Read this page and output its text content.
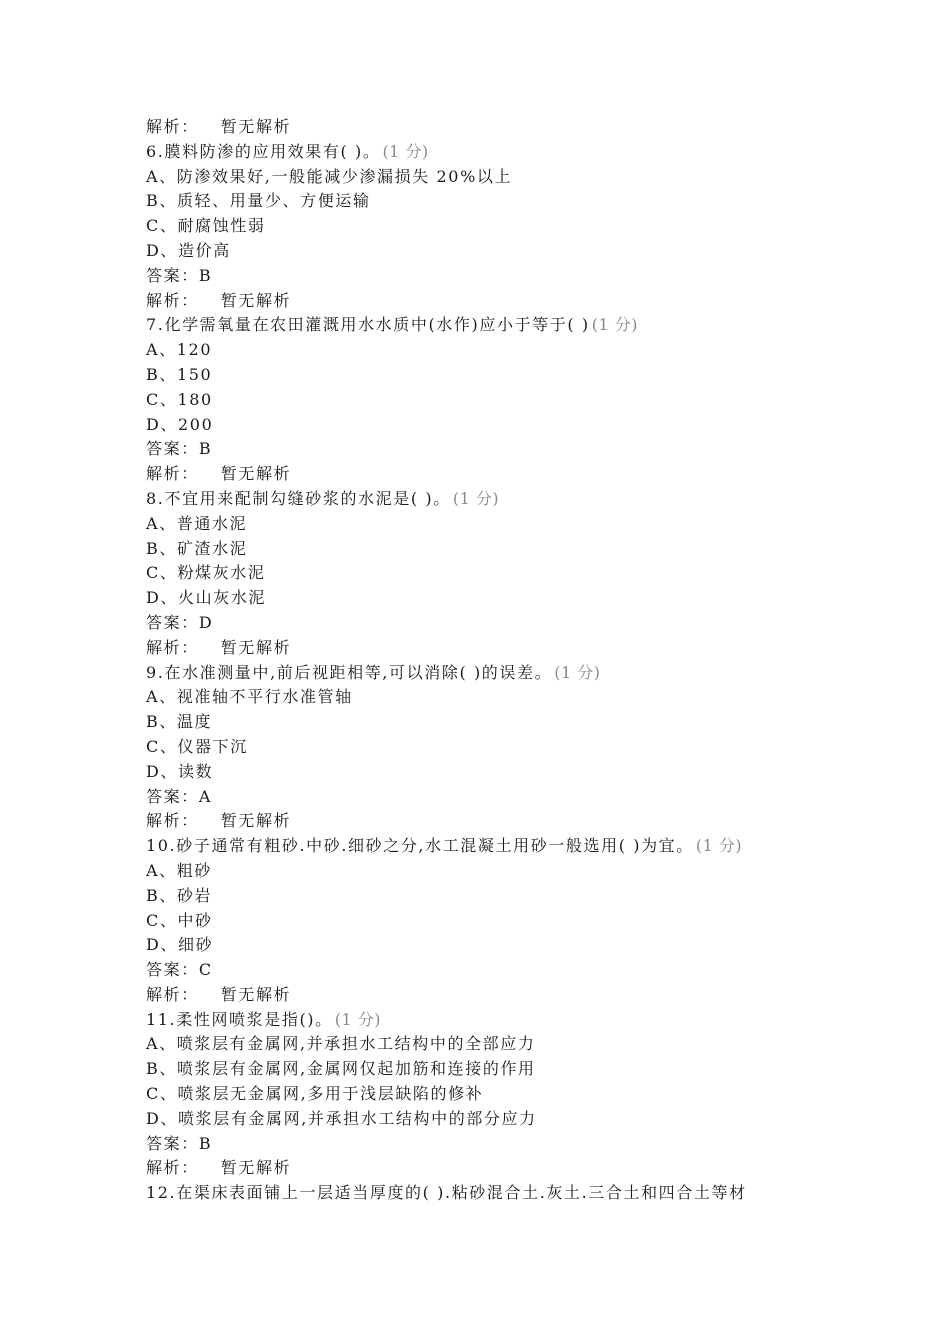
解析： 暂无解析
6.膜料防渗的应用效果有( )。 (1 分)
A、防渗效果好,一般能减少渗漏损失 20%以上
B、质轻、用量少、方便运输
C、耐腐蚀性弱
D、造价高
答案：B
解析： 暂无解析
7.化学需氧量在农田灌溉用水水质中(水作)应小于等于( ) (1 分)
A、120
B、150
C、180
D、200
答案：B
解析： 暂无解析
8.不宜用来配制勾缝砂浆的水泥是( )。 (1 分)
A、普通水泥
B、矿渣水泥
C、粉煤灰水泥
D、火山灰水泥
答案：D
解析： 暂无解析
9.在水准测量中,前后视距相等,可以消除( )的误差。 (1 分)
A、视准轴不平行水准管轴
B、温度
C、仪器下沉
D、读数
答案：A
解析： 暂无解析
10.砂子通常有粗砂.中砂.细砂之分,水工混凝土用砂一般选用( )为宜。 (1 分)
A、粗砂
B、砂岩
C、中砂
D、细砂
答案：C
解析： 暂无解析
11.柔性网喷浆是指()。 (1 分)
A、喷浆层有金属网,并承担水工结构中的全部应力
B、喷浆层有金属网,金属网仅起加筋和连接的作用
C、喷浆层无金属网,多用于浅层缺陷的修补
D、喷浆层有金属网,并承担水工结构中的部分应力
答案：B
解析： 暂无解析
12.在渠床表面铺上一层适当厚度的( ).粘砂混合土.灰土.三合土和四合土等材
